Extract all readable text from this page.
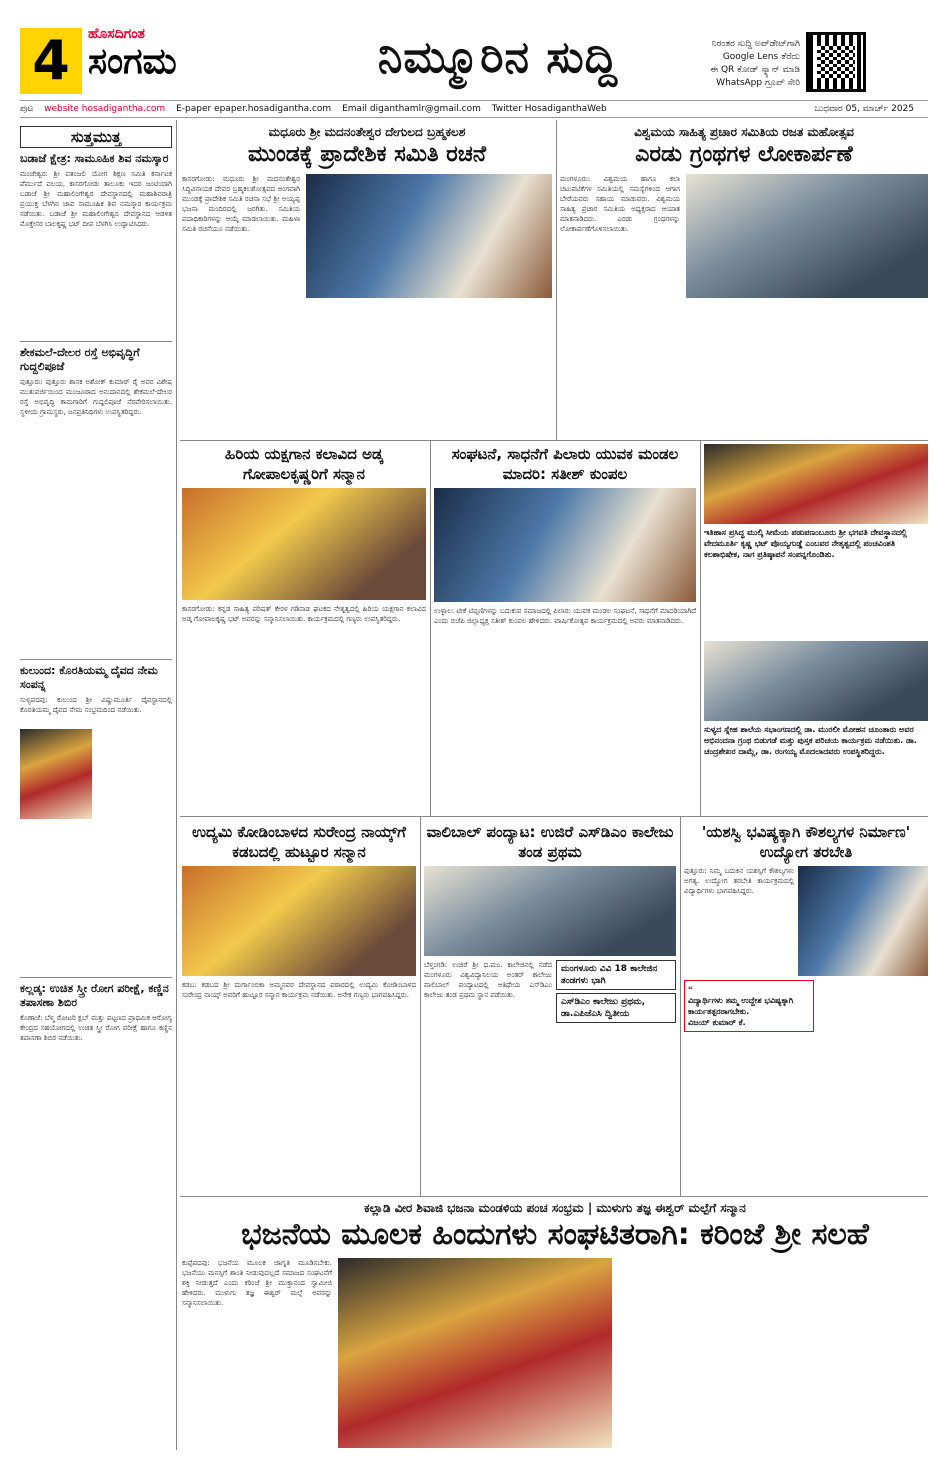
4	ಹೊಸದಿಗಂತ
ಸಂಗಮ	ನಿಮ್ಮೂರಿನ ಸುದ್ದಿ	ನಿರಂತರ ಸುದ್ದಿ ಅಪ್‌ಡೇಟ್‌ಗಾಗಿ
Google Lens ತೆರೆದು
ಈ QR ಕೋಡ್ ಸ್ಕ್ಯಾನ್ ಮಾಡಿ
WhatsApp ಗ್ರೂಪ್ ಸೇರಿ
ಪುಟ website hosadigantha.com E-paper epaper.hosadigantha.com Email diganthamlr@gmail.com Twitter HosadiganthaWeb	ಬುಧವಾರ 05, ಮಾರ್ಚ್ 2025
ಸುತ್ತಮುತ್ತ
ಬಡಾಜೆ ಕ್ಷೇತ್ರ: ಸಾಮೂಹಿಕ ಶಿವ ನಮಸ್ಕಾರ
ಮಂಜೇಶ್ವರ: ಶ್ರೀ ಪತಂಜಲಿ ಯೋಗ ಶಿಕ್ಷಣ ಸಮಿತಿ ಕರ್ನಾಟಕ ಪೆರ್ಮುದೆ ವಲಯ, ಕಾಸರಗೋಡು ತಾಲೂಕು ಇದರ ಜಂಟಿಯಾಗಿ ಬಡಾಜೆ ಶ್ರೀ ಮಹಾಲಿಂಗೇಶ್ವರ ದೇವಸ್ಥಾನದಲ್ಲಿ ಮಹಾಶಿವರಾತ್ರಿ ಪ್ರಯುಕ್ತ ಬೆಳಗಿನ ಜಾವ ಸಾಮೂಹಿಕ ಶಿವ ನಮಸ್ಕಾರ ಕಾರ್ಯಕ್ರಮ ನಡೆಯಿತು. ಬಡಾಜೆ ಶ್ರೀ ಮಹಾಲಿಂಗೇಶ್ವರ ದೇವಸ್ಥಾನದ ಆಡಳಿತ ಮೊಕ್ತೇಸರ ಬಾಲಕೃಷ್ಣ ಭಟ್ ದೀಪ ಬೆಳಗಿಸಿ ಉದ್ಘಾಟಿಸಿದರು.
ಶೇಕಮಲೆ-ದೇಲರ ರಸ್ತೆ ಅಭಿವೃದ್ಧಿಗೆ ಗುದ್ದಲಿಪೂಜೆ
ಪುತ್ತೂರು: ಪುತ್ತೂರು ಶಾಸಕ ಅಶೋಕ್ ಕುಮಾರ್ ರೈ ಅವರ ವಿಶೇಷ ಮುತುವರ್ಜಿಯಿಂದ ಮಂಜೂರಾದ ಅನುದಾನದಲ್ಲಿ ಶೇಕಮಲೆ-ದೇಲರ ರಸ್ತೆ ಅಭಿವೃದ್ಧಿ ಕಾಮಗಾರಿಗೆ ಗುದ್ದಲಿಪೂಜೆ ನೆರವೇರಿಸಲಾಯಿತು. ಸ್ಥಳೀಯ ಗ್ರಾಮಸ್ಥರು, ಜನಪ್ರತಿನಿಧಿಗಳು ಉಪಸ್ಥಿತರಿದ್ದರು.
ಕುಲುಂದ: ಕೊರತಿಯಮ್ಮ ದೈವದ ನೇಮ ಸಂಪನ್ನ
ಸುಳ್ಯಪದವು: ಕುಲುಂದ ಶ್ರೀ ವಿಷ್ಣುಮೂರ್ತಿ ದೈವಸ್ಥಾನದಲ್ಲಿ ಕೊರತಿಯಮ್ಮ ದೈವದ ನೇಮ ಸಂಭ್ರಮದಿಂದ ನಡೆಯಿತು.
ಕಲ್ಲಡ್ಕ: ಉಚಿತ ಸ್ತ್ರೀ ರೋಗ ಪರೀಕ್ಷೆ, ಕಣ್ಣಿನ ತಪಾಸಣಾ ಶಿಬಿರ
ಕೊಣಾಜೆ: ಬೆಳ್ಮ ರೋಟರಿ ಕ್ಲಬ್ ಮತ್ತು ಪಟ್ಟಣದ ಪ್ರಾಥಮಿಕ ಆರೋಗ್ಯ ಕೇಂದ್ರದ ಸಹಯೋಗದಲ್ಲಿ ಉಚಿತ ಸ್ತ್ರೀ ರೋಗ ಪರೀಕ್ಷೆ ಹಾಗೂ ಕಣ್ಣಿನ ತಪಾಸಣಾ ಶಿಬಿರ ನಡೆಯಿತು.
ಮಧೂರು ಶ್ರೀ ಮದನಂತೇಶ್ವರ ದೇಗುಲದ ಬ್ರಹ್ಮಕಲಶ
ಮುಂಡಕ್ಕೆ ಪ್ರಾದೇಶಿಕ ಸಮಿತಿ ರಚನೆ
ಕಾಸರಗೋಡು: ಮಧೂರು ಶ್ರೀ ಮದನಂತೇಶ್ವರ ಸಿದ್ಧಿವಿನಾಯಕ ದೇವರ ಬ್ರಹ್ಮಕಲಶೋತ್ಸವದ ಅಂಗವಾಗಿ ಮುಂಡಕ್ಕೆ ಪ್ರಾದೇಶಿಕ ಸಮಿತಿ ರಚನಾ ಸಭೆ ಶ್ರೀ ಅಯ್ಯಪ್ಪ ಭಜನಾ ಮಂದಿರದಲ್ಲಿ ಜರಗಿತು. ಸಮಿತಿಯ ಪದಾಧಿಕಾರಿಗಳನ್ನು ಆಯ್ಕೆ ಮಾಡಲಾಯಿತು. ಮಹಿಳಾ ಸಮಿತಿ ರಚನೆಯೂ ನಡೆಯಿತು.
ವಿಶ್ವಮಯ ಸಾಹಿತ್ಯ ಪ್ರಚಾರ ಸಮಿತಿಯ ರಜತ ಮಹೋತ್ಸವ
ಎರಡು ಗ್ರಂಥಗಳ ಲೋಕಾರ್ಪಣೆ
ಮಂಗಳೂರು: ವಿಶ್ವಮಯ ಹಾಗೂ ಕಲಾ ಚಟುವಟಿಕೆಗಳ ಸಮಿತಿಯಲ್ಲಿ ಸಮಸ್ಯೆಗಳಿಂದ ಆಗಾಗ ಬೇರೆಯವರು ಸಹಾಯ ಮಾಡುವರು. ವಿಶ್ವಮಯ ಸಾಹಿತ್ಯ ಪ್ರಚಾರ ಸಮಿತಿಯ ಅಧ್ಯಕ್ಷರಾದ ಆಯಾತ ಮಾತನಾಡಿದರು. ಎರಡು ಗ್ರಂಥಗಳನ್ನು ಲೋಕಾರ್ಪಣೆಗೊಳಿಸಲಾಯಿತು.
ಹಿರಿಯ ಯಕ್ಷಗಾನ ಕಲಾವಿದ ಅಡ್ಕ ಗೋಪಾಲಕೃಷ್ಣರಿಗೆ ಸನ್ಮಾನ
ಕಾಸರಗೋಡು: ಕನ್ನಡ ಸಾಹಿತ್ಯ ಪರಿಷತ್ ಕೇರಳ ಗಡಿನಾಡ ಘಟಕದ ನೇತೃತ್ವದಲ್ಲಿ ಹಿರಿಯ ಯಕ್ಷಗಾನ ಕಲಾವಿದ ಅಡ್ಕ ಗೋಪಾಲಕೃಷ್ಣ ಭಟ್ ಅವರನ್ನು ಸನ್ಮಾನಿಸಲಾಯಿತು. ಕಾರ್ಯಕ್ರಮದಲ್ಲಿ ಗಣ್ಯರು ಉಪಸ್ಥಿತರಿದ್ದರು.
ಸಂಘಟನೆ, ಸಾಧನೆಗೆ ಪಿಲಾರು ಯುವಕ ಮಂಡಲ ಮಾದರಿ: ಸತೀಶ್ ಕುಂಪಲ
ಉಳ್ಳಾಲ: ಟೀಕೆ ಟಿಪ್ಪಣಿಗಳನ್ನು ಬದುಕುವ ಸಮಾಜದಲ್ಲಿ ಪಿಲಾರು ಯುವಕ ಮಂಡಲ ಸಂಘಟನೆ, ಸಾಧನೆಗೆ ಮಾದರಿಯಾಗಿದೆ ಎಂದು ಬಿಜೆಪಿ ಜಿಲ್ಲಾಧ್ಯಕ್ಷ ಸತೀಶ್ ಕುಂಪಲ ಹೇಳಿದರು. ವಾರ್ಷಿಕೋತ್ಸವ ಕಾರ್ಯಕ್ರಮದಲ್ಲಿ ಅವರು ಮಾತನಾಡಿದರು.
ಇತಿಹಾಸ ಪ್ರಸಿದ್ಧ ಮುಲ್ಕಿ ಸೀಮೆಯ ಪಡುಪಣಂಬೂರು ಶ್ರೀ ಭಗವತಿ ದೇವಸ್ಥಾನದಲ್ಲಿ ವೇದಮೂರ್ತಿ ಕೃಷ್ಣ ಭಟ್ ಪೊಯ್ಯಗುಡ್ಡೆ ಎಂಬವರ ನೇತೃತ್ವದಲ್ಲಿ ಪಂಚವಿಂಶತಿ ಕಲಶಾಭಿಷೇಕ, ನಾಗ ಪ್ರತಿಷ್ಠಾಪನೆ ಸಂಪನ್ನಗೊಂಡಿತು.
ಸುಳ್ಯದ ಸ್ನೇಹ ಶಾಲೆಯ ಸಭಾಂಗಣದಲ್ಲಿ ಡಾ. ಮುರಲೀ ಮೋಹನ ಚೂಂತಾರು ಅವರ ಅಭಿನಂದನಾ ಗ್ರಂಥ ಬಿಡುಗಡೆ ಮತ್ತು ಪುಸ್ತಕ ಪರಿಚಯ ಕಾರ್ಯಕ್ರಮ ನಡೆಯಿತು. ಡಾ. ಚಂದ್ರಶೇಖರ ದಾಮ್ಲೆ, ಡಾ. ರಂಗಯ್ಯ ಮೊದಲಾದವರು ಉಪಸ್ಥಿತರಿದ್ದರು.
ಉದ್ಯಮಿ ಕೋಡಿಂಬಾಳದ ಸುರೇಂದ್ರ ನಾಯ್ಕ್‌ಗೆ ಕಡಬದಲ್ಲಿ ಹುಟ್ಟೂರ ಸನ್ಮಾನ
ಕಡಬ: ಕಡಬದ ಶ್ರೀ ದುರ್ಗಾಂಬಿಕಾ ಅಮ್ಮನವರ ದೇವಸ್ಥಾನದ ವಠಾರದಲ್ಲಿ ಉದ್ಯಮಿ ಕೋಡಿಂಬಾಳದ ಸುರೇಂದ್ರ ನಾಯ್ಕ್ ಅವರಿಗೆ ಹುಟ್ಟೂರ ಸನ್ಮಾನ ಕಾರ್ಯಕ್ರಮ ನಡೆಯಿತು. ಅನೇಕ ಗಣ್ಯರು ಭಾಗವಹಿಸಿದ್ದರು.
ವಾಲಿಬಾಲ್ ಪಂದ್ಯಾಟ: ಉಜಿರೆ ಎಸ್‌ಡಿಎಂ ಕಾಲೇಜು ತಂಡ ಪ್ರಥಮ
ಬೆಳ್ತಂಗಡಿ: ಉಜಿರೆ ಶ್ರೀ ಧ.ಮಂ. ಕಾಲೇಜಿನಲ್ಲಿ ನಡೆದ ಮಂಗಳೂರು ವಿಶ್ವವಿದ್ಯಾನಿಲಯ ಅಂತರ್ ಕಾಲೇಜು ವಾಲಿಬಾಲ್ ಪಂದ್ಯಾಟದಲ್ಲಿ ಆತಿಥೇಯ ಎಸ್‌ಡಿಎಂ ಕಾಲೇಜು ತಂಡ ಪ್ರಥಮ ಸ್ಥಾನ ಪಡೆಯಿತು.
ಮಂಗಳೂರು ವಿವಿ 18 ಕಾಲೇಜಿನ ತಂಡಗಳು ಭಾಗಿ
ಎಸ್‌ಡಿಎಂ ಕಾಲೇಜು ಪ್ರಥಮ, ಡಾ.ಎಪಿಜೆಎಸಿ ದ್ವಿತೀಯ
'ಯಶಸ್ವಿ ಭವಿಷ್ಯಕ್ಕಾಗಿ ಕೌಶಲ್ಯಗಳ ನಿರ್ಮಾಣ' ಉದ್ಯೋಗ ತರಬೇತಿ
ಪುತ್ತೂರು: ನಿಮ್ಮ ಬದುಕಿನ ಯಶಸ್ಸಿಗೆ ಕೌಶಲ್ಯಗಳು ಅಗತ್ಯ. ಉದ್ಯೋಗ ತರಬೇತಿ ಕಾರ್ಯಕ್ರಮದಲ್ಲಿ ವಿದ್ಯಾರ್ಥಿಗಳು ಭಾಗವಹಿಸಿದ್ದರು.
❝
ವಿದ್ಯಾರ್ಥಿಗಳು ತಮ್ಮ ಉದ್ದೇಶ ಭವಿಷ್ಯಕ್ಕಾಗಿ ಕಾರ್ಯತತ್ಪರರಾಗಬೇಕು.
ವಿಜಯ್ ಕುಮಾರ್ ಕೆ.
ಕಲ್ಲಾಡಿ ವೀರ ಶಿವಾಜಿ ಭಜನಾ ಮಂಡಳಿಯ ಪಂಚ ಸಂಭ್ರಮ | ಮುಳುಗು ತಜ್ಞ ಈಶ್ವರ್ ಮಲ್ಪೆಗೆ ಸನ್ಮಾನ
ಭಜನೆಯ ಮೂಲಕ ಹಿಂದುಗಳು ಸಂಘಟಿತರಾಗಿ: ಕರಿಂಜೆ ಶ್ರೀ ಸಲಹೆ
ಕುಪ್ಪೆಪದವು: ಭಜನೆಯ ಮೂಲಕ ಜಾಗೃತಿ ಮೂಡಿಸಬೇಕು. ಭಜನೆಯು ಮನಸ್ಸಿಗೆ ಶಾಂತಿ ನೀಡುವುದಲ್ಲದೆ ಸಮಾಜದ ಸಂಘಟನೆಗೆ ಶಕ್ತಿ ನೀಡುತ್ತದೆ ಎಂದು ಕರಿಂಜೆ ಶ್ರೀ ಮುಕ್ತಾನಂದ ಸ್ವಾಮೀಜಿ ಹೇಳಿದರು. ಮುಳುಗು ತಜ್ಞ ಈಶ್ವರ್ ಮಲ್ಪೆ ಅವರನ್ನು ಸನ್ಮಾನಿಸಲಾಯಿತು.
